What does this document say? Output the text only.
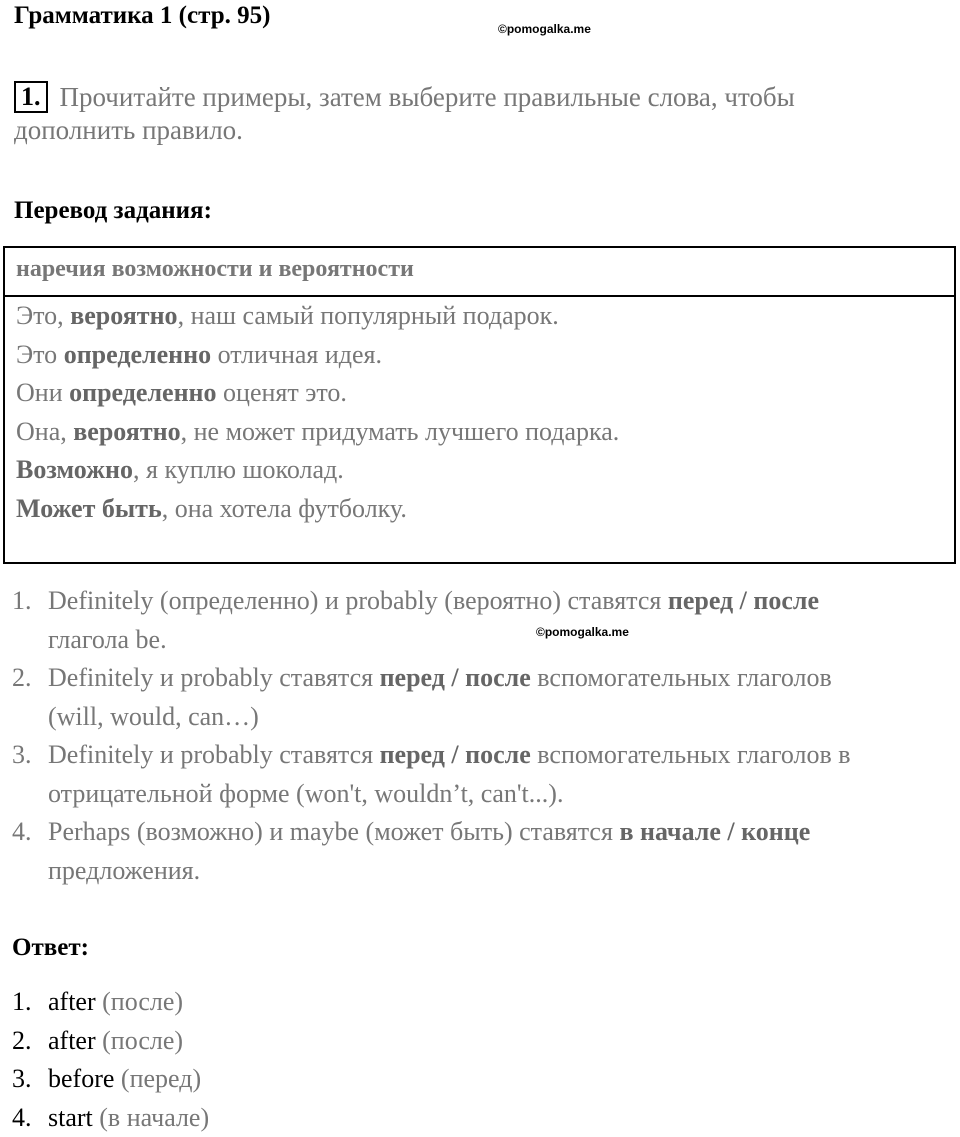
Грамматика 1 (стр. 95)	©pomogalka.me
1. Прочитайте примеры, затем выберите правильные слова, чтобы
дополнить правило.
Перевод задания:
наречия возможности и вероятности
Это, вероятно, наш самый популярный подарок.
Это определенно отличная идея.
Они определенно оценят это.
Она, вероятно, не может придумать лучшего подарка.
Возможно, я куплю шоколад.
Может быть, она хотела футболку.
1. Definitely (определенно) и probably (вероятно) ставятся перед / после
глагола be.
2. Definitely и probably ставятся перед / после вспомогательных глаголов
(will, would, can…)
3. Definitely и probably ставятся перед / после вспомогательных глаголов в
отрицательной форме (won't, wouldn’t, can't...).
4. Perhaps (возможно) и maybe (может быть) ставятся в начале / конце
предложения.
©pomogalka.me
Ответ:
1. after (после)
2. after (после)
3. before (перед)
4. start (в начале)
